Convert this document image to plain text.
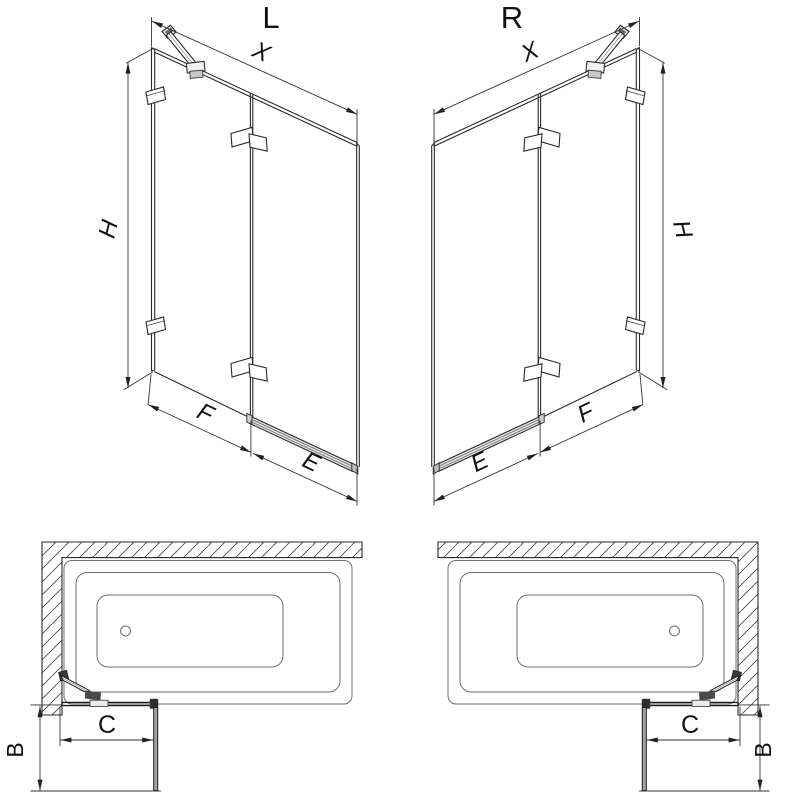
L	R
X
H
F
E
X
H
E
F
C
B
C
B
